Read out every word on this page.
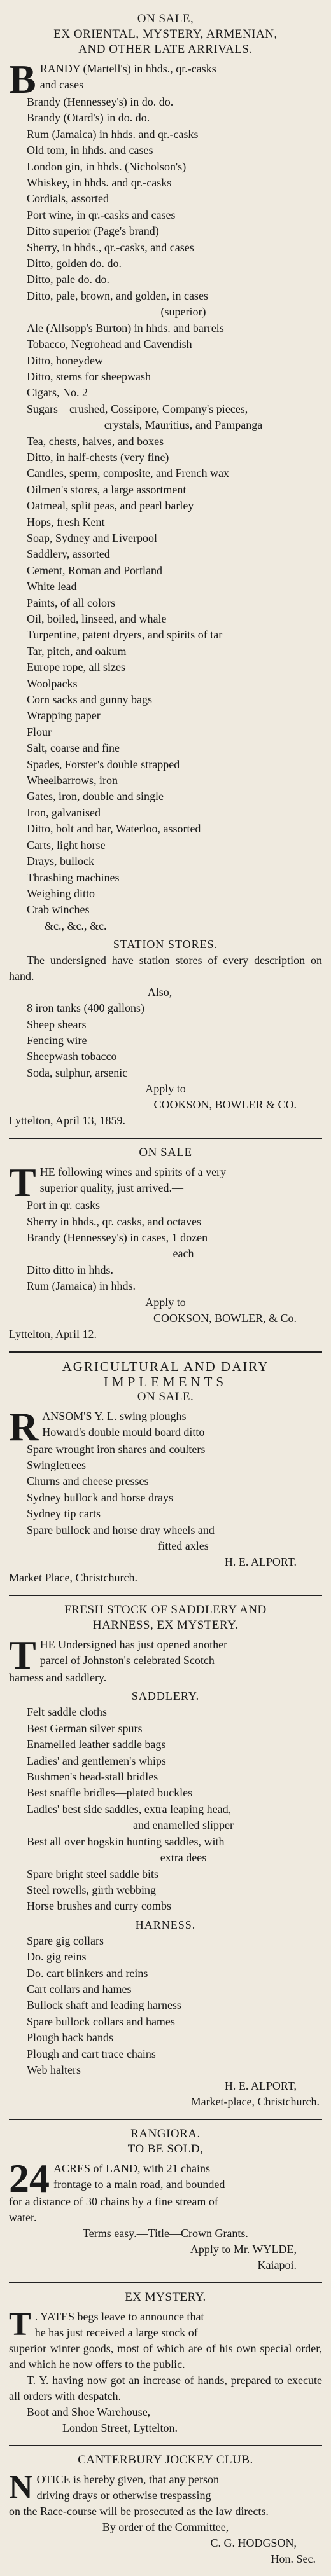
ON SALE,
EX ORIENTAL, MYSTERY, ARMENIAN,
AND OTHER LATE ARRIVALS.
B RANDY (Martell's) in hhds., qr.-casks
and cases
Brandy (Hennessey's) in do. do.
Brandy (Otard's) in do. do.
Rum (Jamaica) in hhds. and qr.-casks
Old tom, in hhds. and cases
London gin, in hhds. (Nicholson's)
Whiskey, in hhds. and qr.-casks
Cordials, assorted
Port wine, in qr.-casks and cases
Ditto superior (Page's brand)
Sherry, in hhds., qr.-casks, and cases
Ditto, golden do. do.
Ditto, pale do. do.
Ditto, pale, brown, and golden, in cases
(superior)
Ale (Allsopp's Burton) in hhds. and barrels
Tobacco, Negrohead and Cavendish
Ditto, honeydew
Ditto, stems for sheepwash
Cigars, No. 2
Sugars—crushed, Cossipore, Company's pieces,
crystals, Mauritius, and Pampanga
Tea, chests, halves, and boxes
Ditto, in half-chests (very fine)
Candles, sperm, composite, and French wax
Oilmen's stores, a large assortment
Oatmeal, split peas, and pearl barley
Hops, fresh Kent
Soap, Sydney and Liverpool
Saddlery, assorted
Cement, Roman and Portland
White lead
Paints, of all colors
Oil, boiled, linseed, and whale
Turpentine, patent dryers, and spirits of tar
Tar, pitch, and oakum
Europe rope, all sizes
Woolpacks
Corn sacks and gunny bags
Wrapping paper
Flour
Salt, coarse and fine
Spades, Forster's double strapped
Wheelbarrows, iron
Gates, iron, double and single
Iron, galvanised
Ditto, bolt and bar, Waterloo, assorted
Carts, light horse
Drays, bullock
Thrashing machines
Weighing ditto
Crab winches
&c., &c., &c.
STATION STORES.
The undersigned have station stores of every description on hand.
Also,—
8 iron tanks (400 gallons)
Sheep shears
Fencing wire
Sheepwash tobacco
Soda, sulphur, arsenic
Apply to
COOKSON, BOWLER & CO.
Lyttelton, April 13, 1859.
ON SALE
T HE following wines and spirits of a very
superior quality, just arrived.—
Port in qr. casks
Sherry in hhds., qr. casks, and octaves
Brandy (Hennessey's) in cases, 1 dozen
each
Ditto ditto in hhds.
Rum (Jamaica) in hhds.
Apply to
COOKSON, BOWLER, & Co.
Lyttelton, April 12.
AGRICULTURAL AND DAIRY
IMPLEMENTS
ON SALE.
R ANSOM'S Y. L. swing ploughs
Howard's double mould board ditto
Spare wrought iron shares and coulters
Swingletrees
Churns and cheese presses
Sydney bullock and horse drays
Sydney tip carts
Spare bullock and horse dray wheels and
fitted axles
H. E. ALPORT.
Market Place, Christchurch.
FRESH STOCK OF SADDLERY AND
HARNESS, EX MYSTERY.
T HE Undersigned has just opened another
parcel of Johnston's celebrated Scotch
harness and saddlery.
SADDLERY.
Felt saddle cloths
Best German silver spurs
Enamelled leather saddle bags
Ladies' and gentlemen's whips
Bushmen's head-stall bridles
Best snaffle bridles—plated buckles
Ladies' best side saddles, extra leaping head,
and enamelled slipper
Best all over hogskin hunting saddles, with
extra dees
Spare bright steel saddle bits
Steel rowells, girth webbing
Horse brushes and curry combs
HARNESS.
Spare gig collars
Do. gig reins
Do. cart blinkers and reins
Cart collars and hames
Bullock shaft and leading harness
Spare bullock collars and hames
Plough back bands
Plough and cart trace chains
Web halters
H. E. ALPORT,
Market-place, Christchurch.
RANGIORA.
TO BE SOLD,
24 ACRES of LAND, with 21 chains
frontage to a main road, and bounded
for a distance of 30 chains by a fine stream of
water.
Terms easy.—Title—Crown Grants.
Apply to Mr. WYLDE,
Kaiapoi.
EX MYSTERY.
T . YATES begs leave to announce that
he has just received a large stock of
superior winter goods, most of which are of his own special order, and which he now offers to the public.
T. Y. having now got an increase of hands, prepared to execute all orders with despatch.
Boot and Shoe Warehouse,
London Street, Lyttelton.
CANTERBURY JOCKEY CLUB.
N OTICE is hereby given, that any person
driving drays or otherwise trespassing
on the Race-course will be prosecuted as the law directs.
By order of the Committee,
C. G. HODGSON,
Hon. Sec.
